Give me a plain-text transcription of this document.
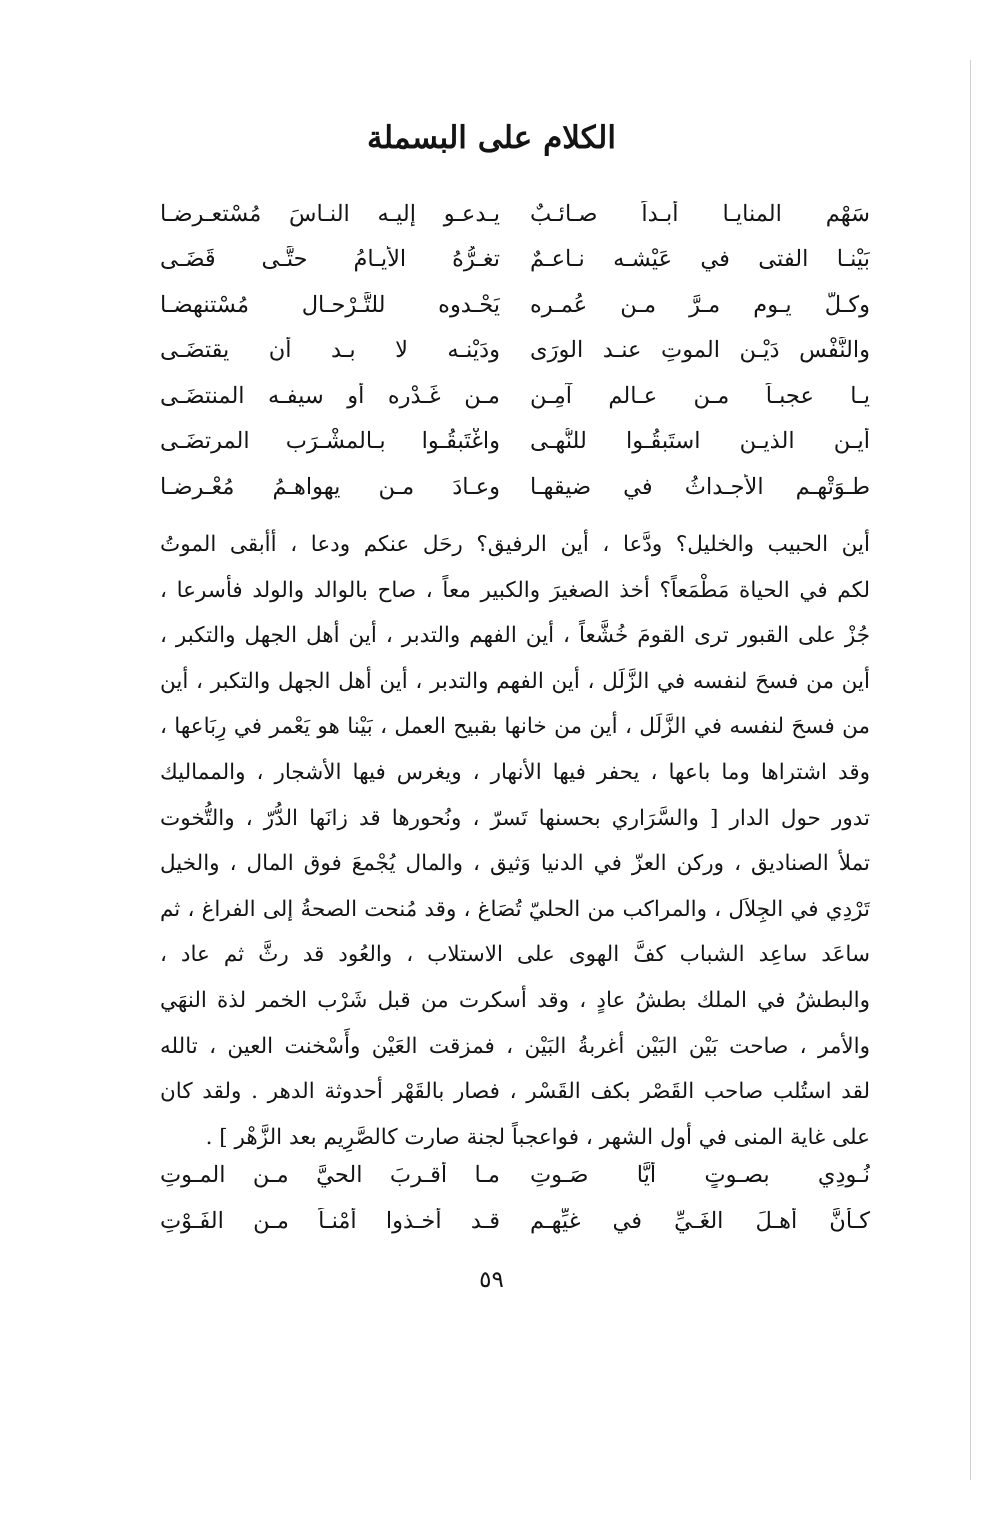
الكلام على البسملة
سَهْم المنايـا أبـداً صـائـبٌ
يـدعـو إليـه النـاسَ مُسْتعـرِضـا
بَيْنـا الفتى في عَيْشـه نـاعـمٌ
تغـرُّهُ الأيـامُ حتَّـى قَضَـى
وكـلُّ يـومٍ مـرَّ مـن عُمـره
يَحْـدوه للتَّـرْحـال مُسْتنهضـا
والنَّفْس دَيْـن الموتِ عنـد الورَى
ودَيْنـه لا بـد أن يقتضَـى
يـا عجبـاً مـن عـالمٍ آمِـنٍ
مـن غَـدْره أو سيفـه المنتضَـى
أيـن الذيـن استَبقُـوا للنُّهـى
واغْتَبقُـوا بـالمشْـرَب المرتضَـى
طـوَتْهـم الأجـداثُ في ضيقهـا
وعـادَ مـن يهواهـمُ مُعْـرِضـا
أين الحبيب والخليل؟ ودَّعا ، أين الرفيق؟ رحَل عنكم ودعا ، أأبقى الموتُ
لكم في الحياة مَطْمَعاً؟ أخذ الصغيرَ والكبير معاً ، صاح بالوالد والولد فأسرعا ،
جُزْ على القبور ترى القومَ خُشَّعاً ، أين الفهم والتدبر ، أين أهل الجهل والتكبر ،
أين من فسحَ لنفسه في الزَّلَل ، أين الفهم والتدبر ، أين أهل الجهل والتكبر ، أين
من فسحَ لنفسه في الزَّلَل ، أين من خانها بقبيح العمل ، بَيْنا هو يَعْمر في رِبَاعها ،
وقد اشتراها وما باعها ، يحفر فيها الأنهار ، ويغرس فيها الأشجار ، والمماليك
تدور حول الدار [ والسَّرَاري بحسنها تَسرّ ، ونُحورها قد زانَها الدُّرّ ، والتُّخوت
تملأ الصناديق ، وركن العزّ في الدنيا وَثيق ، والمال يُجْمعَ فوق المال ، والخيل
تَرْدِي في الجِلاَل ، والمراكب من الحليّ تُصَاغ ، وقد مُنحت الصحةُ إلى الفراغ ، ثم
ساعَد ساعِد الشباب كفَّ الهوى على الاستلاب ، والعُود قد رثَّ ثم عاد ،
والبطشُ في الملك بطشُ عادٍ ، وقد أسكرت من قبل شَرْب الخمر لذة النهَي
والأمر ، صاحت بَيْن البَيْن أغربةُ البَيْن ، فمزقت العَيْن وأَسْخنت العين ، تالله
لقد استُلب صاحب القَصْر بكف القَسْر ، فصار بالقَهْر أحدوثة الدهر . ولقد كان
على غاية المنى في أول الشهر ، فواعجباً لجنة صارت كالصَّرِيم بعد الزَّهْر ] .
نُـودِي بصـوتٍ أيَّا صَـوتِ
مـا أقـربَ الحيَّ مـن المـوتِ
كـأنَّ أهـلَ الغَـيِّ في غيِّهـم
قـد أخـذوا أمْنـاً مـن الفَـوْتِ
٥٩
